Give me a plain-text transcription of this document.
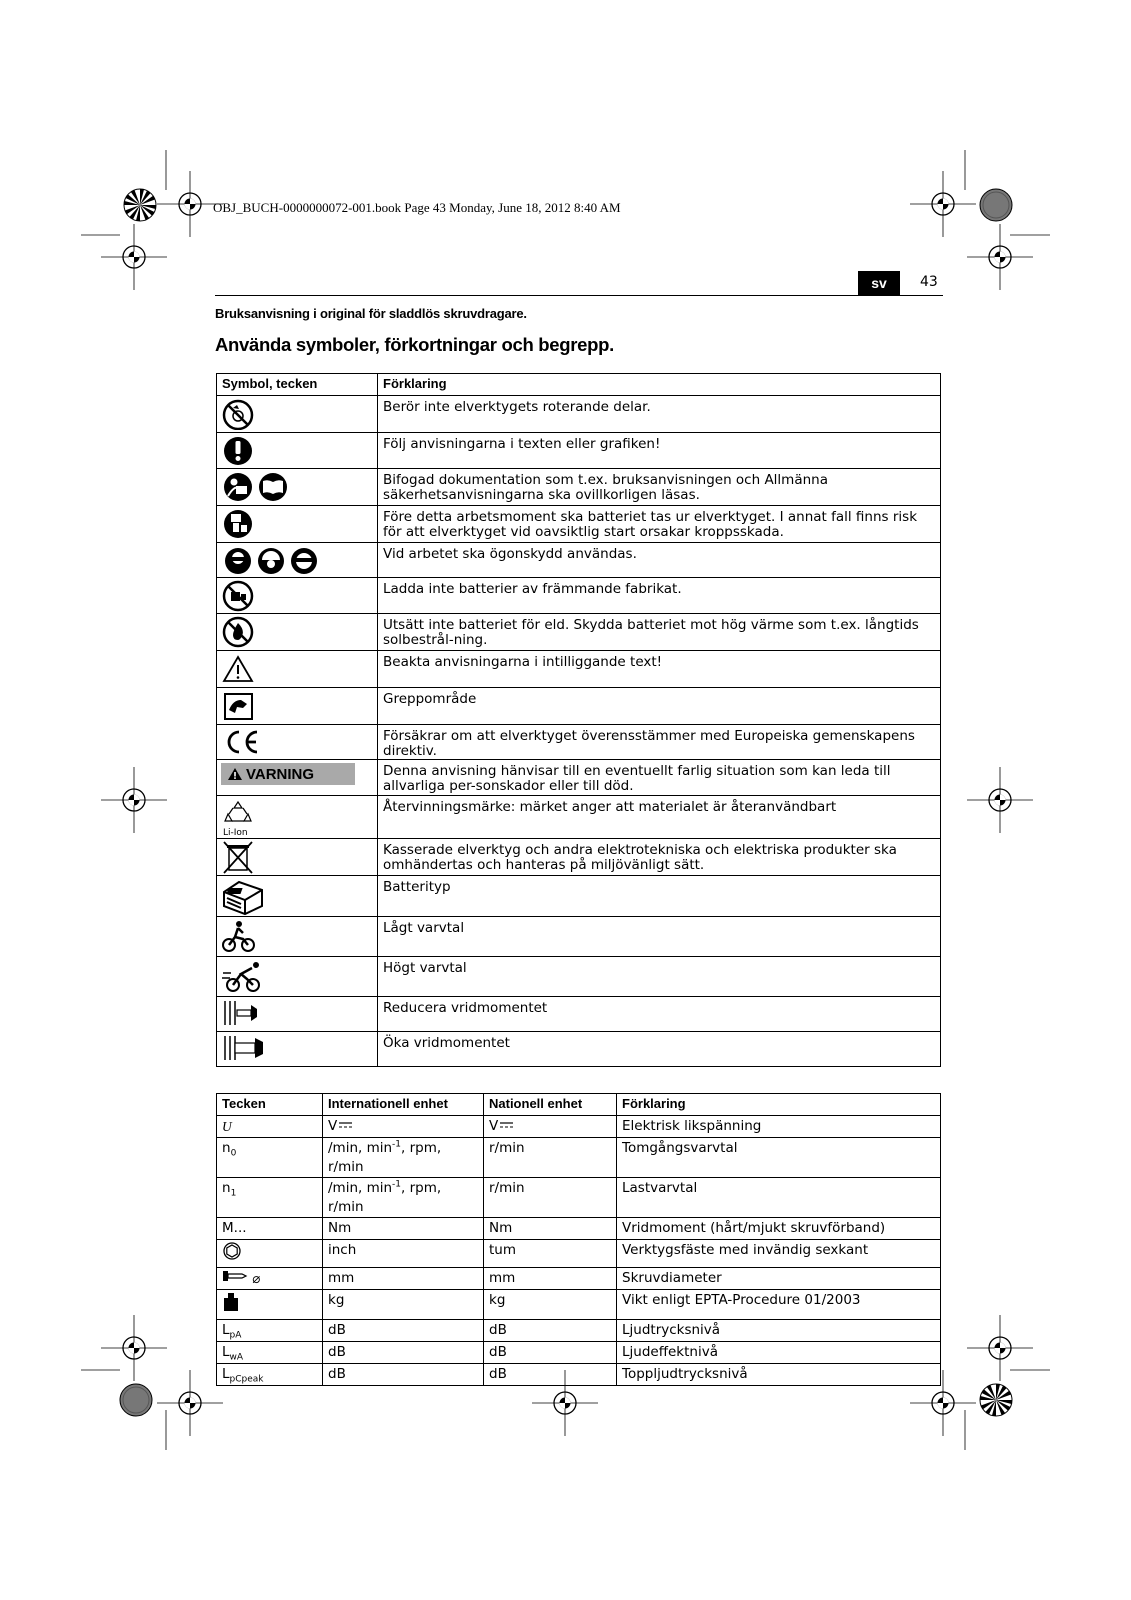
OBJ_BUCH-0000000072-001.book Page 43 Monday, June 18, 2012 8:40 AM
sv	43
Bruksanvisning i original för sladdlös skruvdragare.
Använda symboler, förkortningar och begrepp.
Symbol, tecken	Förklaring
	Berör inte elverktygets roterande delar.
	Följ anvisningarna i texten eller grafiken!
	Bifogad dokumentation som t.ex. bruksanvisningen och Allmänna säkerhetsanvisningarna ska ovillkorligen läsas.
	Före detta arbetsmoment ska batteriet tas ur elverktyget. I annat fall finns risk för att elverktyget vid oavsiktlig start orsakar kroppsskada.
	Vid arbetet ska ögonskydd användas.
	Ladda inte batterier av främmande fabrikat.
	Utsätt inte batteriet för eld. Skydda batteriet mot hög värme som t.ex. långtids solbestrål-ning.
	Beakta anvisningarna i intilliggande text!
	Greppområde
	Försäkrar om att elverktyget överensstämmer med Europeiska gemenskapens direktiv.

VARNING	Denna anvisning hänvisar till en eventuellt farlig situation som kan leda till allvarliga per-sonskador eller till död.

Li-Ion	Återvinningsmärke: märket anger att materialet är återanvändbart
	Kasserade elverktyg och andra elektrotekniska och elektriska produkter ska omhändertas och hanteras på miljövänligt sätt.
	Batterityp
	Lågt varvtal
	Högt varvtal
	Reducera vridmomentet
	Öka vridmomentet
Tecken	Internationell enhet	Nationell enhet	Förklaring
U	V	V	Elektrisk likspänning
$n_0$	/min, $\min^{-1}$, rpm, r/min	r/min	Tomgångsvarvtal
$n_1$	/min, $\min^{-1}$, rpm, r/min	r/min	Lastvarvtal
M...	Nm	Nm	Vridmoment (hårt/mjukt skruvförband)
	inch	tum	Verktygsfäste med invändig sexkant
⌀	mm	mm	Skruvdiameter
	kg	kg	Vikt enligt EPTA-Procedure 01/2003
$L_{pA}$	dB	dB	Ljudtrycksnivå
$L_{wA}$	dB	dB	Ljudeffektnivå
$L_{pCpeak}$	dB	dB	Toppljudtrycksnivå
